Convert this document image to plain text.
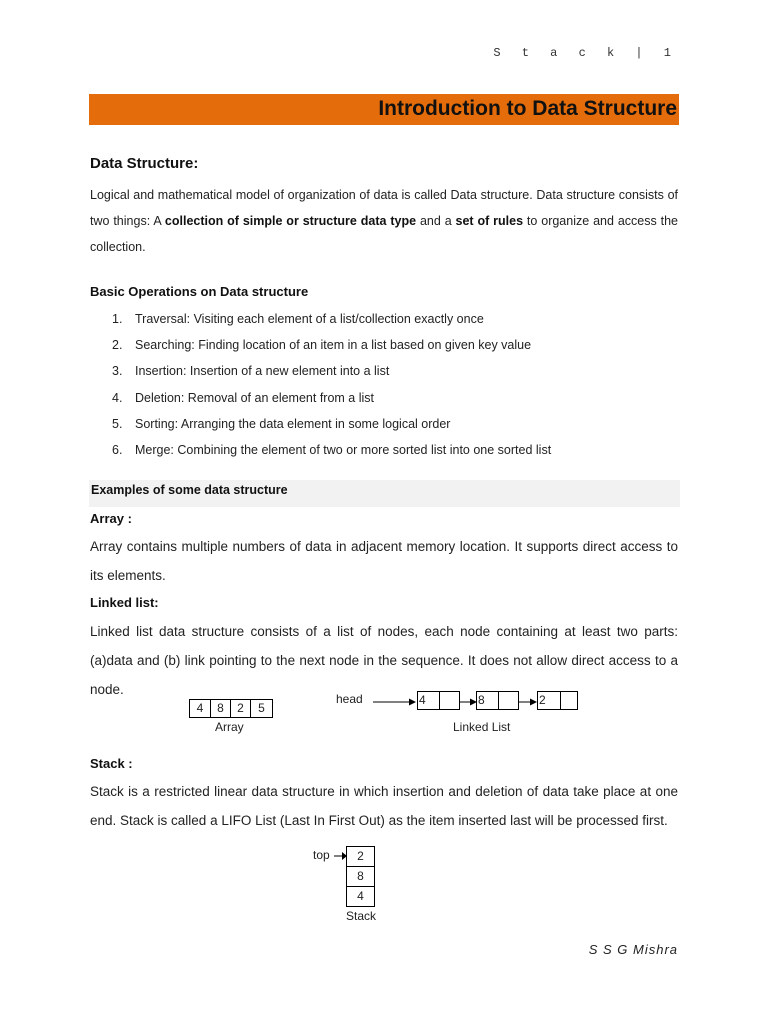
S t a c k | 1
Introduction to Data Structure
Data Structure:
Logical and mathematical model of organization of data is called Data structure. Data structure consists of two things: A collection of simple or structure data type and a set of rules to organize and access the collection.
Basic Operations on Data structure
1. Traversal: Visiting each element of a list/collection exactly once
2. Searching: Finding location of an item in a list based on given key value
3. Insertion: Insertion of a new element into a list
4. Deletion: Removal of an element from a list
5. Sorting: Arranging the data element in some logical order
6. Merge: Combining the element of two or more sorted list into one sorted list
Examples of some data structure
Array :
Array contains multiple numbers of data in adjacent memory location. It supports direct access to its elements.
Linked list:
Linked list data structure consists of a list of nodes, each node containing at least two parts: (a)data and (b) link pointing to the next node in the sequence. It does not allow direct access to a node.
4	8	2	5
Array
head	4	8	2
Linked List
Stack :
Stack is a restricted linear data structure in which insertion and deletion of data take place at one end. Stack is called a LIFO List (Last In First Out) as the item inserted last will be processed first.
top	2
8
4
Stack
S S G Mishra
